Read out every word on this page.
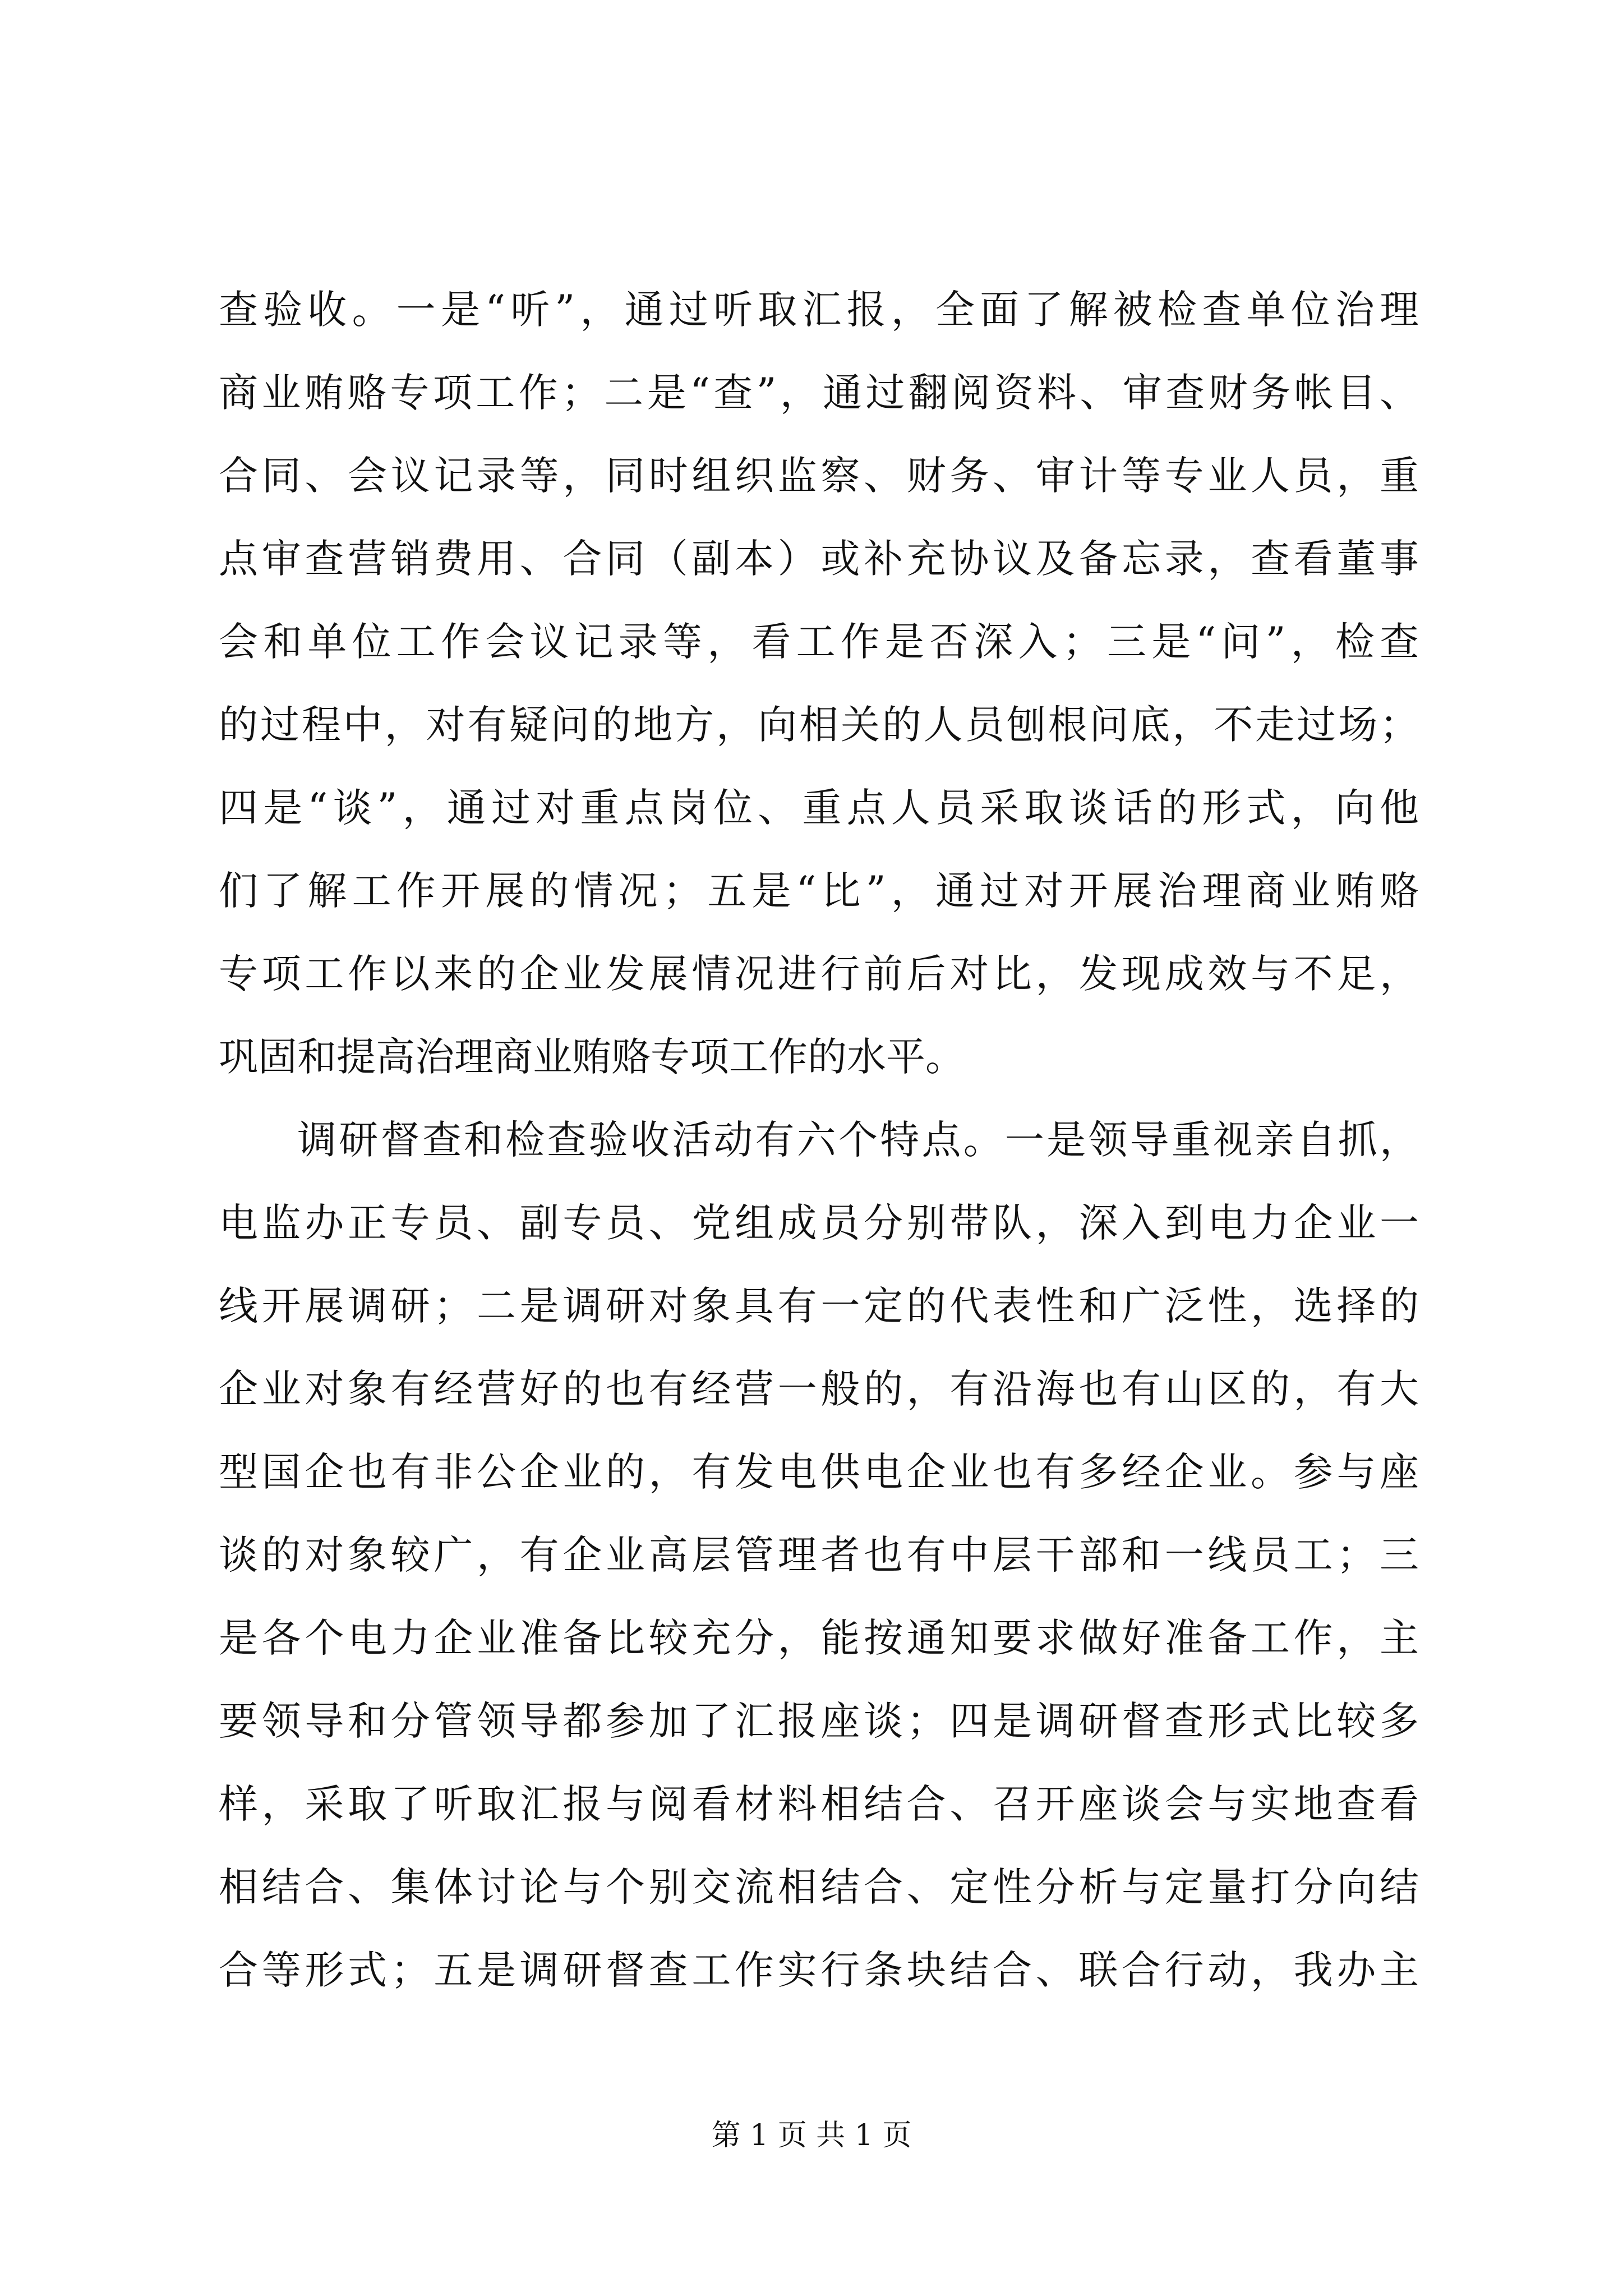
查验收。一是“听”，通过听取汇报，全面了解被检查单位治理
商业贿赂专项工作；二是“查”，通过翻阅资料、审查财务帐目、
合同、会议记录等，同时组织监察、财务、审计等专业人员，重
点审查营销费用、合同（副本）或补充协议及备忘录，查看董事
会和单位工作会议记录等，看工作是否深入；三是“问”，检查
的过程中，对有疑问的地方，向相关的人员刨根问底，不走过场；
四是“谈”，通过对重点岗位、重点人员采取谈话的形式，向他
们了解工作开展的情况；五是“比”，通过对开展治理商业贿赂
专项工作以来的企业发展情况进行前后对比，发现成效与不足，
巩固和提高治理商业贿赂专项工作的水平。
调研督查和检查验收活动有六个特点。一是领导重视亲自抓，
电监办正专员、副专员、党组成员分别带队，深入到电力企业一
线开展调研；二是调研对象具有一定的代表性和广泛性，选择的
企业对象有经营好的也有经营一般的，有沿海也有山区的，有大
型国企也有非公企业的，有发电供电企业也有多经企业。参与座
谈的对象较广，有企业高层管理者也有中层干部和一线员工；三
是各个电力企业准备比较充分，能按通知要求做好准备工作，主
要领导和分管领导都参加了汇报座谈；四是调研督查形式比较多
样，采取了听取汇报与阅看材料相结合、召开座谈会与实地查看
相结合、集体讨论与个别交流相结合、定性分析与定量打分向结
合等形式；五是调研督查工作实行条块结合、联合行动，我办主
第 1 页 共 1 页
